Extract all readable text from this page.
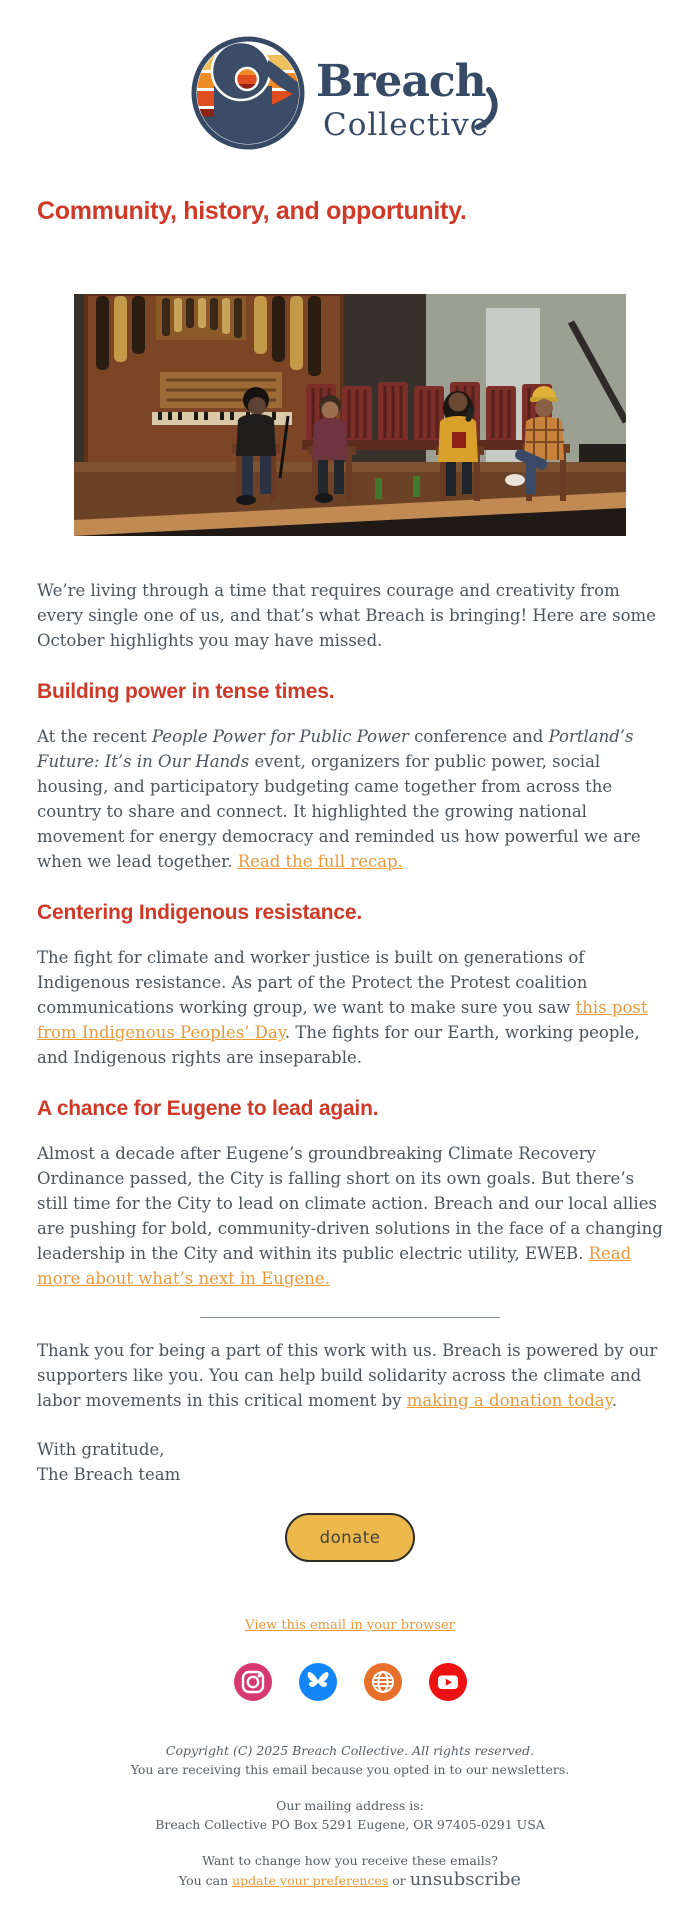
Breach
Collective
Community, history, and opportunity.

We’re living through a time that requires courage and creativity from every single one of us, and that’s what Breach is bringing! Here are some October highlights you may have missed.

Building power in tense times.

At the recent People Power for Public Power conference and Portland’s Future: It’s in Our Hands event, organizers for public power, social housing, and participatory budgeting came together from across the country to share and connect. It highlighted the growing national movement for energy democracy and reminded us how powerful we are when we lead together. Read the full recap.

Centering Indigenous resistance.

The fight for climate and worker justice is built on generations of Indigenous resistance. As part of the Protect the Protest coalition communications working group, we want to make sure you saw this post from Indigenous Peoples’ Day. The fights for our Earth, working people, and Indigenous rights are inseparable.

A chance for Eugene to lead again.

Almost a decade after Eugene’s groundbreaking Climate Recovery Ordinance passed, the City is falling short on its own goals. But there’s still time for the City to lead on climate action. Breach and our local allies are pushing for bold, community-driven solutions in the face of a changing leadership in the City and within its public electric utility, EWEB. Read more about what’s next in Eugene.

Thank you for being a part of this work with us. Breach is powered by our supporters like you. You can help build solidarity across the climate and labor movements in this critical moment by making a donation today.

With gratitude,
The Breach team
donate
View this email in your browser
Copyright (C) 2025 Breach Collective. All rights reserved.
You are receiving this email because you opted in to our newsletters.
Our mailing address is:
Breach Collective PO Box 5291 Eugene, OR 97405-0291 USA
Want to change how you receive these emails?
You can update your preferences or unsubscribe
